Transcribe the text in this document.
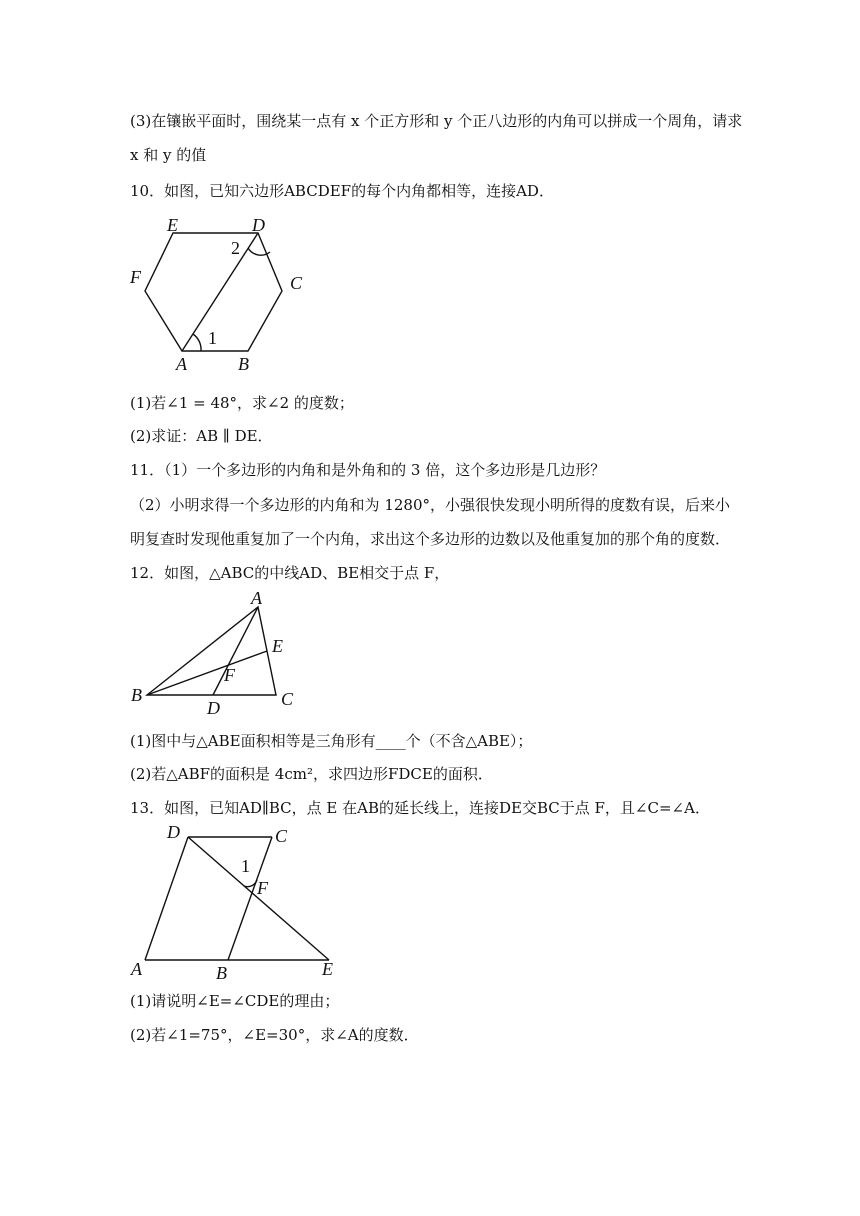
(3)在镶嵌平面时，围绕某一点有 x 个正方形和 y 个正八边形的内角可以拼成一个周角，请求
x 和 y 的值
10．如图，已知六边形ABCDEF的每个内角都相等，连接AD．
E	D
F	C
A	B
1
2
(1)若∠1 = 48°，求∠2 的度数；
(2)求证：AB ∥ DE．
11．（1）一个多边形的内角和是外角和的 3 倍，这个多边形是几边形？
（2）小明求得一个多边形的内角和为 1280°，小强很快发现小明所得的度数有误，后来小
明复查时发现他重复加了一个内角，求出这个多边形的边数以及他重复加的那个角的度数．
12．如图，△ABC的中线AD、BE相交于点 F，
A
E
F
B
D	C
(1)图中与△ABE面积相等是三角形有____个（不含△ABE）；
(2)若△ABF的面积是 4cm²，求四边形FDCE的面积．
13．如图，已知AD∥BC，点 E 在AB的延长线上，连接DE交BC于点 F，且∠C=∠A．
D	C
1
F
A	B	E
(1)请说明∠E=∠CDE的理由；
(2)若∠1=75°，∠E=30°，求∠A的度数．
